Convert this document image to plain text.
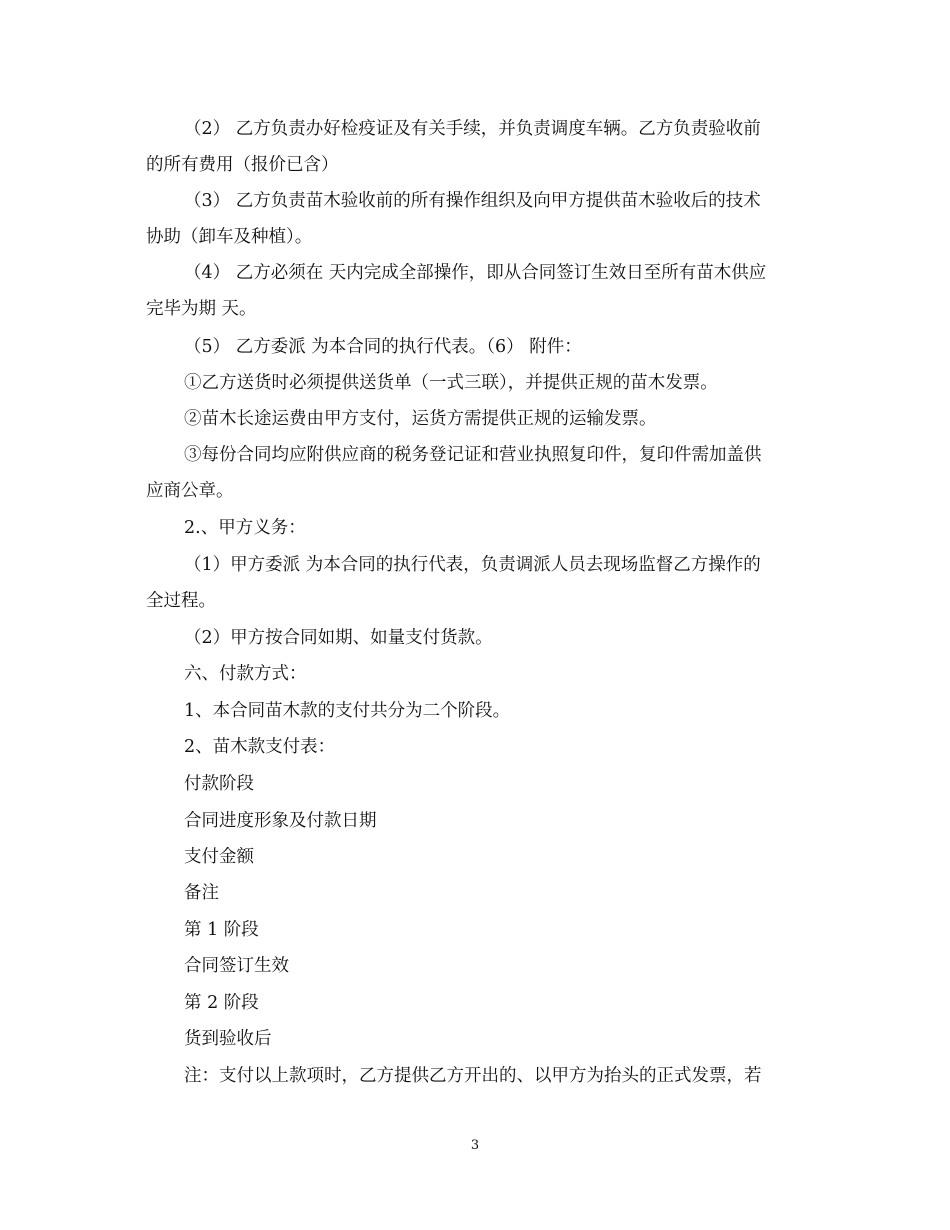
（2） 乙方负责办好检疫证及有关手续，并负责调度车辆。乙方负责验收前
的所有费用（报价已含）
（3） 乙方负责苗木验收前的所有操作组织及向甲方提供苗木验收后的技术
协助（卸车及种植）。
（4） 乙方必须在 天内完成全部操作，即从合同签订生效日至所有苗木供应
完毕为期 天。
（5） 乙方委派 为本合同的执行代表。（6） 附件：
①乙方送货时必须提供送货单（一式三联），并提供正规的苗木发票。
②苗木长途运费由甲方支付，运货方需提供正规的运输发票。
③每份合同均应附供应商的税务登记证和营业执照复印件，复印件需加盖供
应商公章。
2.、甲方义务：
（1）甲方委派 为本合同的执行代表，负责调派人员去现场监督乙方操作的
全过程。
（2）甲方按合同如期、如量支付货款。
六、付款方式：
1、本合同苗木款的支付共分为二个阶段。
2、苗木款支付表：
付款阶段
合同进度形象及付款日期
支付金额
备注
第 1 阶段
合同签订生效
第 2 阶段
货到验收后
注：支付以上款项时，乙方提供乙方开出的、以甲方为抬头的正式发票，若
3
